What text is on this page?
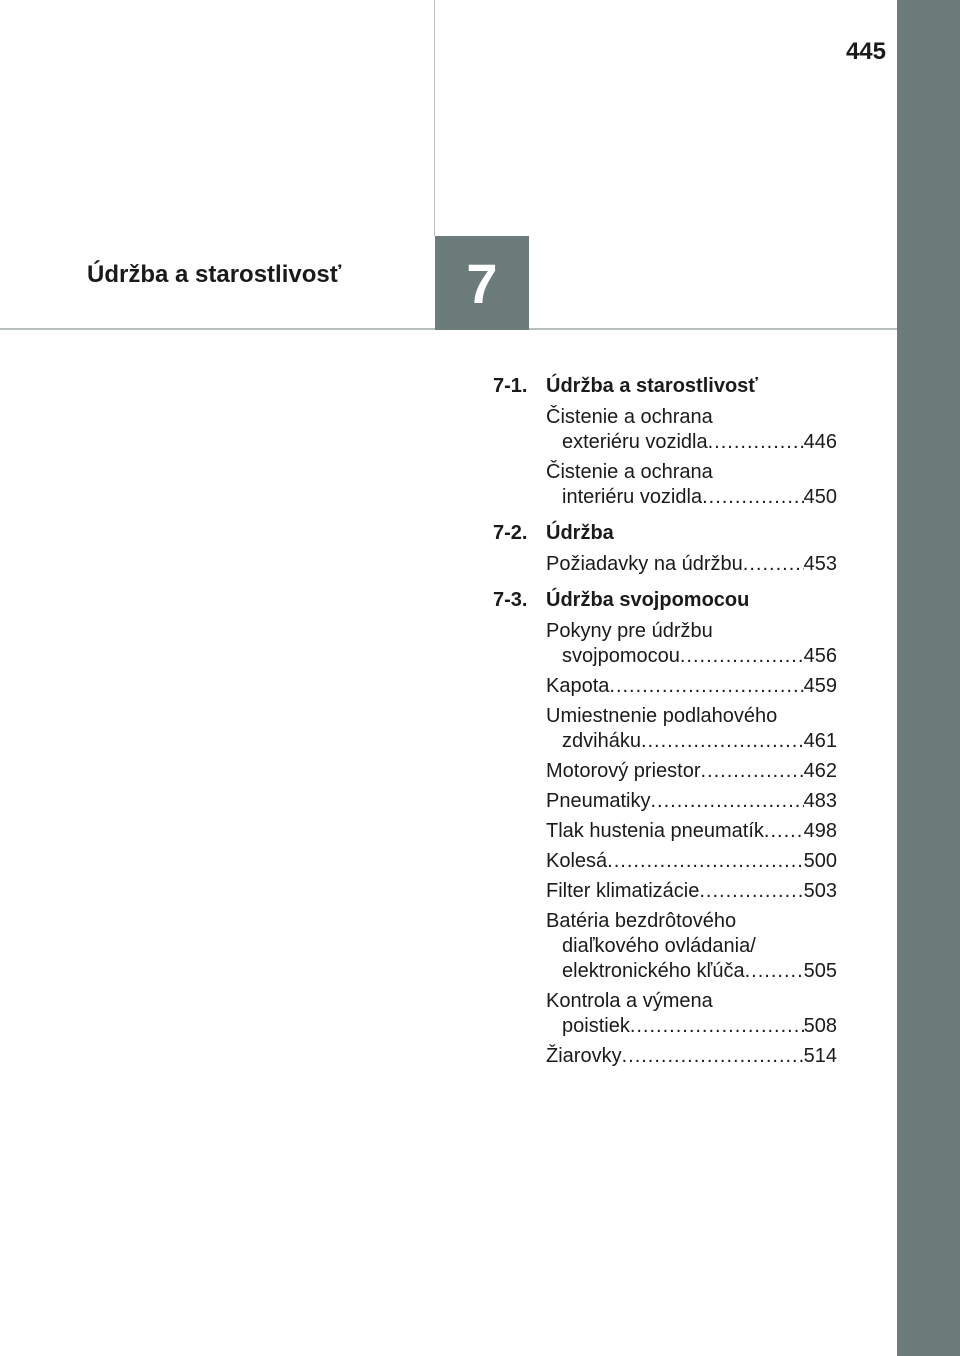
445
7
Údržba a starostlivosť
7-1. Údržba a starostlivosť
Čistenie a ochrana
exteriéru vozidla .....	446
Čistenie a ochrana
interiéru vozidla .....	450
7-2. Údržba
Požiadavky na údržbu .....	453
7-3. Údržba svojpomocou
Pokyny pre údržbu
svojpomocou .....	456
Kapota .....	459
Umiestnenie podlahového
zdviháku .....	461
Motorový priestor .....	462
Pneumatiky .....	483
Tlak hustenia pneumatík ..... 498
Kolesá .....	500
Filter klimatizácie .....	503
Batéria bezdrôtového
diaľkového ovládania/
elektronického kľúča .....	505
Kontrola a výmena
poistiek .....	508
Žiarovky .....	514
